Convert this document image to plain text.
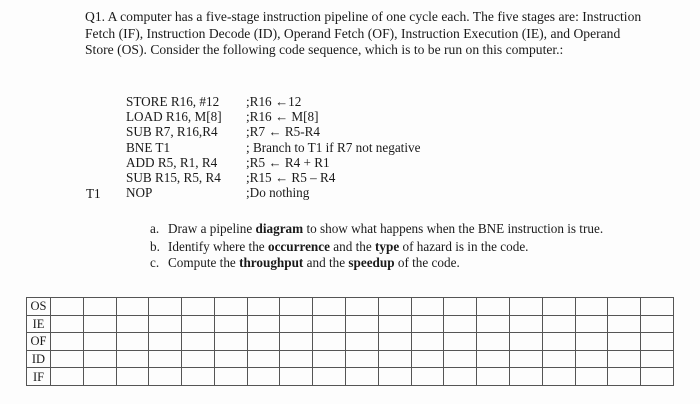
Q1. A computer has a five-stage instruction pipeline of one cycle each. The five stages are: Instruction Fetch (IF), Instruction Decode (ID), Operand Fetch (OF), Instruction Execution (IE), and Operand Store (OS). Consider the following code sequence, which is to be run on this computer.:
STORE R16, #12 ;R16 ←12
LOAD R16, M[8] ;R16 ← M[8]
SUB R7, R16,R4 ;R7 ← R5-R4
BNE T1	; Branch to T1 if R7 not negative
ADD R5, R1, R4 ;R5 ← R4 + R1
SUB R15, R5, R4 ;R15 ← R5 – R4
NOP	;Do nothing
T1
a. Draw a pipeline diagram to show what happens when the BNE instruction is true.
b. Identify where the occurrence and the type of hazard is in the code.
c. Compute the throughput and the speedup of the code.
OS																			
IE																			
OF																			
ID																			
IF																			
